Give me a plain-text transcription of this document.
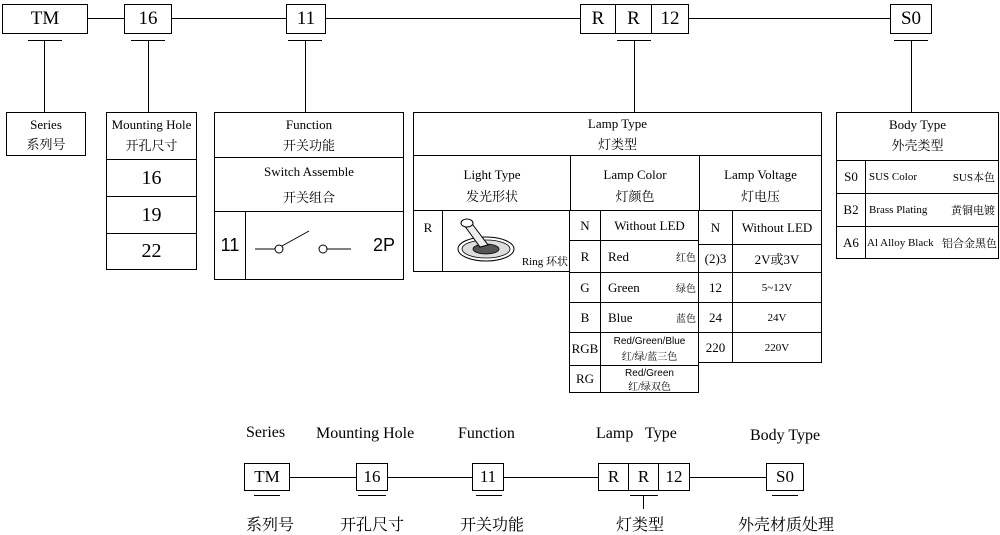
TM	16	11	R	R	12	S0
Series
系列号
Mounting Hole
开孔尺寸
16
19
22
Function
开关功能
Switch Assemble
开关组合
11	2P
Lamp Type
灯类型
Light Type
发光形状
Lamp Color
灯颜色
Lamp Voltage
灯电压
R
Ring 环状
N	Without LED
R	Red	红色
G	Green	绿色
B	Blue	蓝色
RGB	Red/Green/Blue
红/绿/蓝三色
RG	Red/Green
红/绿双色
N	Without LED
(2)3	2V或3V
12	5~12V
24	24V
220	220V
Body Type
外壳类型
S0	SUS Color	SUS本色
B2 Brass Plating	黄铜电镀
A6 Al Alloy Black 铝合金黑色
Series Mounting Hole	Function	Lamp   Type	Body Type
TM	16	11	R	R 12	S0
系列号	开孔尺寸	开关功能	灯类型	外壳材质处理
